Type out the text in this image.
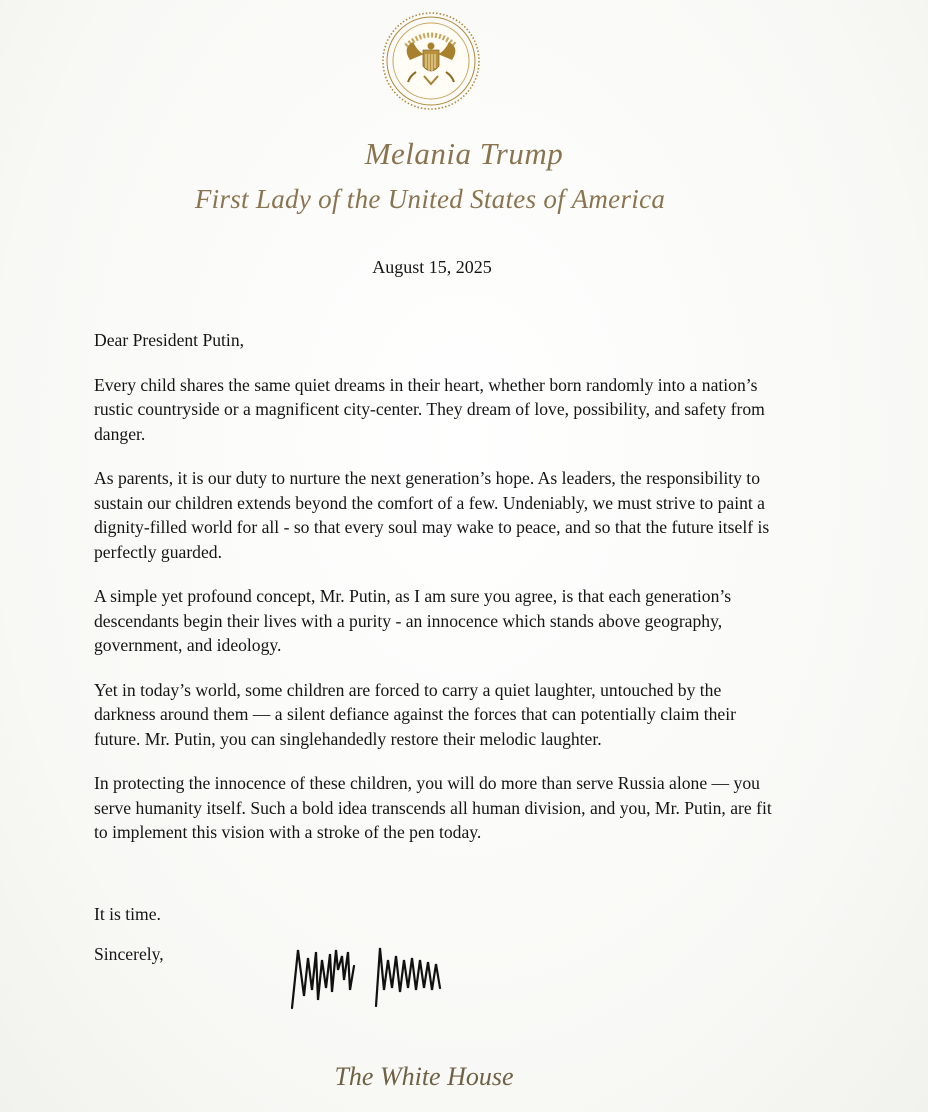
Melania Trump
First Lady of the United States of America
August 15, 2025

Dear President Putin,

Every child shares the same quiet dreams in their heart, whether born randomly into a nation’s rustic countryside or a magnificent city-center. They dream of love, possibility, and safety from danger.

As parents, it is our duty to nurture the next generation’s hope. As leaders, the responsibility to sustain our children extends beyond the comfort of a few. Undeniably, we must strive to paint a dignity-filled world for all - so that every soul may wake to peace, and so that the future itself is perfectly guarded.

A simple yet profound concept, Mr. Putin, as I am sure you agree, is that each generation’s descendants begin their lives with a purity - an innocence which stands above geography, government, and ideology.

Yet in today’s world, some children are forced to carry a quiet laughter, untouched by the darkness around them — a silent defiance against the forces that can potentially claim their future. Mr. Putin, you can singlehandedly restore their melodic laughter.

In protecting the innocence of these children, you will do more than serve Russia alone — you serve humanity itself. Such a bold idea transcends all human division, and you, Mr. Putin, are fit to implement this vision with a stroke of the pen today.

It is time.
Sincerely,
The White House
